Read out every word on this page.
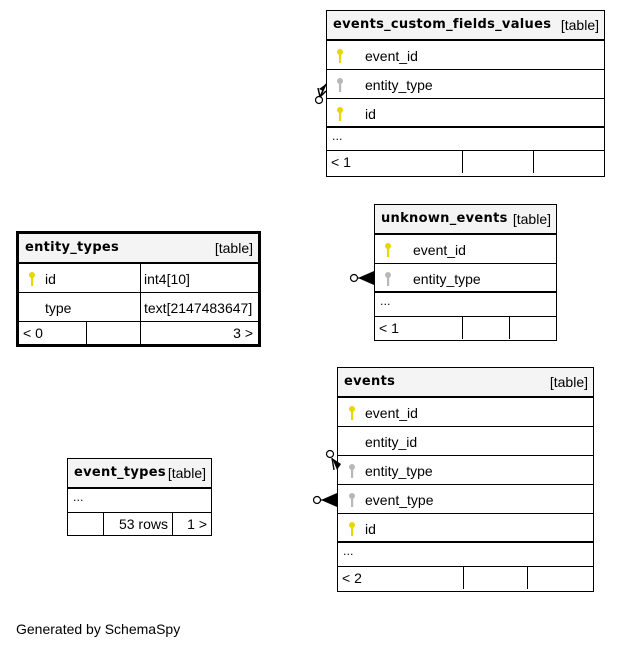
events_custom_fields_values [table]
event_id
entity_type
id
...
< 1
entity_types	[table]
id	int4[10]
type	text[2147483647]
< 0	3 >
unknown_events [table]
event_id
entity_type
...
< 1
events	[table]
event_id
entity_id
entity_type
event_type
id
...
< 2
event_types [table]
...
53 rows 1 >
Generated by SchemaSpy
